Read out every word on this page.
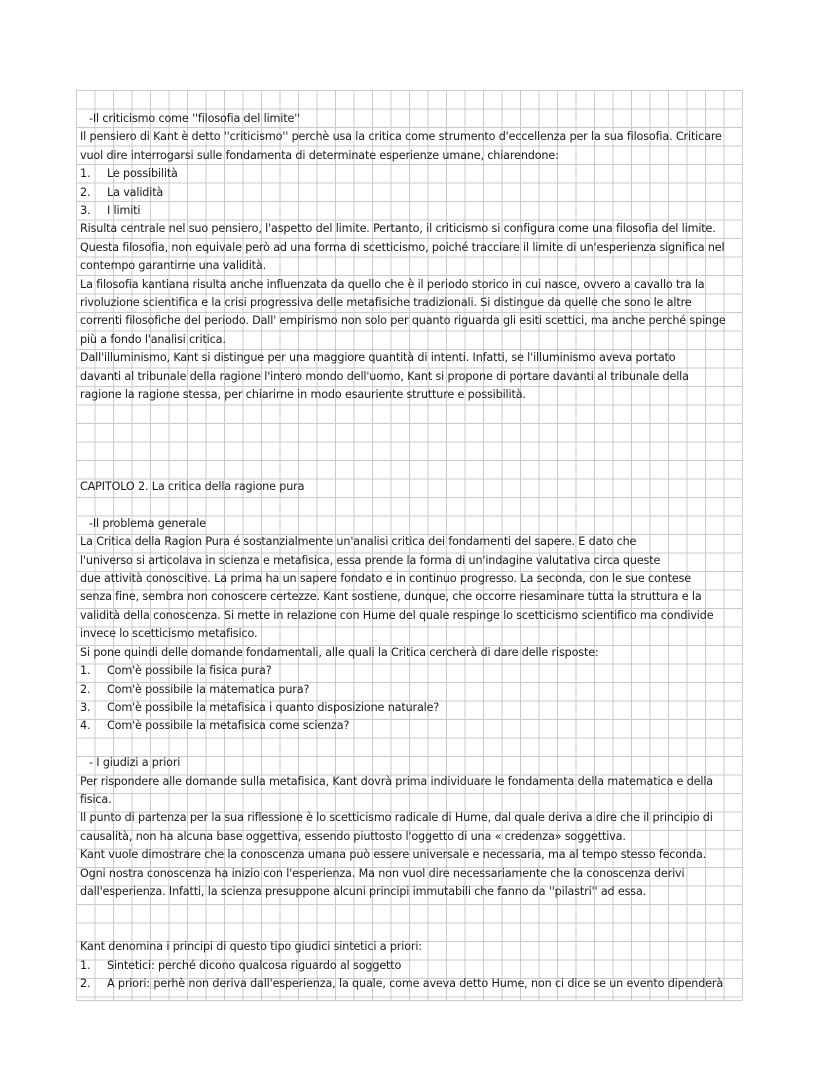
-Il criticismo come ''filosofia del limite''
Il pensiero di Kant è detto ''criticismo'' perchè usa la critica come strumento d'eccellenza per la sua filosofia. Criticare
vuol dire interrogarsi sulle fondamenta di determinate esperienze umane, chiarendone:
1. Le possibilità
2. La validità
3. I limiti
Risulta centrale nel suo pensiero, l'aspetto del limite. Pertanto, il criticismo si configura come una filosofia del limite.
Questa filosofia, non equivale però ad una forma di scetticismo, poiché tracciare il limite di un'esperienza significa nel
contempo garantirne una validità.
La filosofia kantiana risulta anche influenzata da quello che è il periodo storico in cui nasce, ovvero a cavallo tra la
rivoluzione scientifica e la crisi progressiva delle metafisiche tradizionali. Si distingue da quelle che sono le altre
correnti filosofiche del periodo. Dall' empirismo non solo per quanto riguarda gli esiti scettici, ma anche perché spinge
più a fondo l'analisi critica.
Dall'illuminismo, Kant si distingue per una maggiore quantità di intenti. Infatti, se l'illuminismo aveva portato
davanti al tribunale della ragione l'intero mondo dell'uomo, Kant si propone di portare davanti al tribunale della
ragione la ragione stessa, per chiarirne in modo esauriente strutture e possibilità.
CAPITOLO 2. La critica della ragione pura
-Il problema generale
La Critica della Ragion Pura é sostanzialmente un'analisi critica dei fondamenti del sapere. E dato che
l'universo si articolava in scienza e metafisica, essa prende la forma di un'indagine valutativa circa queste
due attività conoscitive. La prima ha un sapere fondato e in continuo progresso. La seconda, con le sue contese
senza fine, sembra non conoscere certezze. Kant sostiene, dunque, che occorre riesaminare tutta la struttura e la
validità della conoscenza. Si mette in relazione con Hume del quale respinge lo scetticismo scientifico ma condivide
invece lo scetticismo metafisico.
Si pone quindi delle domande fondamentali, alle quali la Critica cercherà di dare delle risposte:
1. Com'è possibile la fisica pura?
2. Com'è possibile la matematica pura?
3. Com'è possibile la metafisica i quanto disposizione naturale?
4. Com'è possibile la metafisica come scienza?
- I giudizi a priori
Per rispondere alle domande sulla metafisica, Kant dovrà prima individuare le fondamenta della matematica e della
fisica.
Il punto di partenza per la sua riflessione è lo scetticismo radicale di Hume, dal quale deriva a dire che il principio di
causalità, non ha alcuna base oggettiva, essendo piuttosto l'oggetto di una « credenza» soggettiva.
Kant vuole dimostrare che la conoscenza umana può essere universale e necessaria, ma al tempo stesso feconda.
Ogni nostra conoscenza ha inizio con l'esperienza. Ma non vuol dire necessariamente che la conoscenza derivi
dall'esperienza. Infatti, la scienza presuppone alcuni principi immutabili che fanno da ''pilastri'' ad essa.
Kant denomina i principi di questo tipo giudici sintetici a priori:
1. Sintetici: perché dicono qualcosa riguardo al soggetto
2. A priori: perhè non deriva dall'esperienza, la quale, come aveva detto Hume, non ci dice se un evento dipenderà
